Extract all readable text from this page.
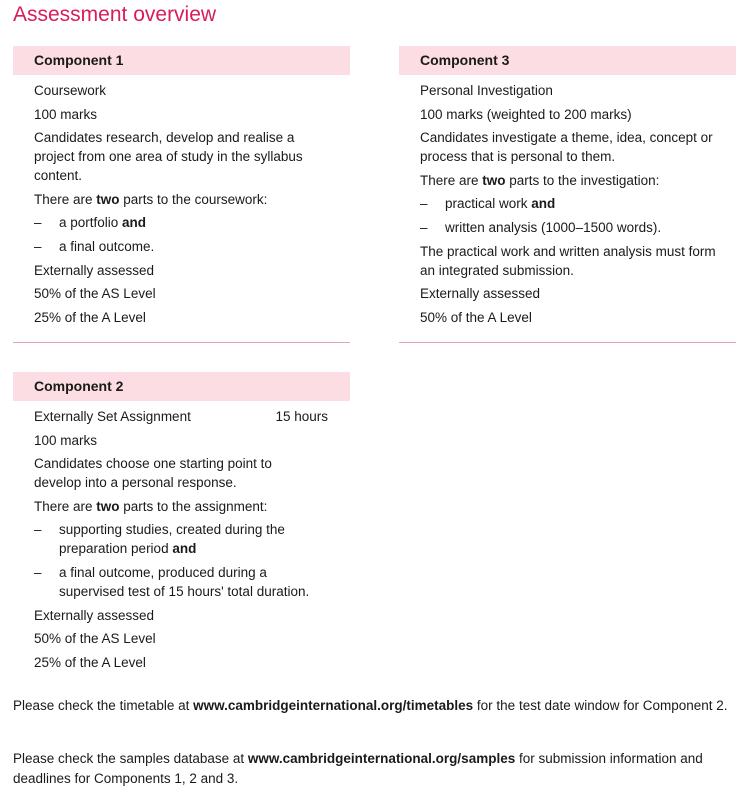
Assessment overview
Component 1
Coursework
100 marks
Candidates research, develop and realise a project from one area of study in the syllabus content.
There are two parts to the coursework:
–	a portfolio and
–	a final outcome.
Externally assessed
50% of the AS Level
25% of the A Level
Component 3
Personal Investigation
100 marks (weighted to 200 marks)
Candidates investigate a theme, idea, concept or process that is personal to them.
There are two parts to the investigation:
–	practical work and
–	written analysis (1000–1500 words).
The practical work and written analysis must form an integrated submission.
Externally assessed
50% of the A Level
Component 2
Externally Set Assignment	15 hours
100 marks
Candidates choose one starting point to develop into a personal response.
There are two parts to the assignment:
–	supporting studies, created during the preparation period and
–	a final outcome, produced during a supervised test of 15 hours' total duration.
Externally assessed
50% of the AS Level
25% of the A Level
Please check the timetable at www.cambridgeinternational.org/timetables for the test date window for Component 2.
Please check the samples database at www.cambridgeinternational.org/samples for submission information and deadlines for Components 1, 2 and 3.
